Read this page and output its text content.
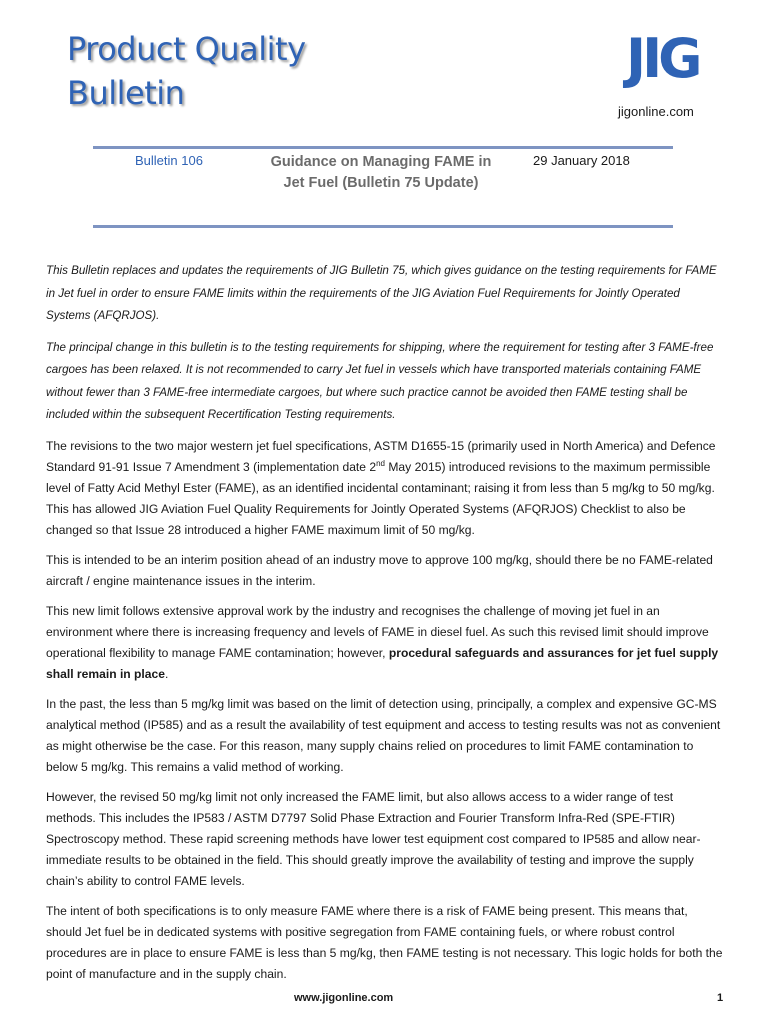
Product Quality
Bulletin
JIG
jigonline.com
Bulletin 106	Guidance on Managing FAME in Jet Fuel (Bulletin 75 Update)
29 January 2018

This Bulletin replaces and updates the requirements of JIG Bulletin 75, which gives guidance on the testing requirements for FAME in Jet fuel in order to ensure FAME limits within the requirements of the JIG Aviation Fuel Requirements for Jointly Operated Systems (AFQRJOS).

The principal change in this bulletin is to the testing requirements for shipping, where the requirement for testing after 3 FAME-free cargoes has been relaxed. It is not recommended to carry Jet fuel in vessels which have transported materials containing FAME without fewer than 3 FAME-free intermediate cargoes, but where such practice cannot be avoided then FAME testing shall be included within the subsequent Recertification Testing requirements.

The revisions to the two major western jet fuel specifications, ASTM D1655-15 (primarily used in North America) and Defence Standard 91-91 Issue 7 Amendment 3 (implementation date 2nd May 2015) introduced revisions to the maximum permissible level of Fatty Acid Methyl Ester (FAME), as an identified incidental contaminant; raising it from less than 5 mg/kg to 50 mg/kg. This has allowed JIG Aviation Fuel Quality Requirements for Jointly Operated Systems (AFQRJOS) Checklist to also be changed so that Issue 28 introduced a higher FAME maximum limit of 50 mg/kg.

This is intended to be an interim position ahead of an industry move to approve 100 mg/kg, should there be no FAME-related aircraft / engine maintenance issues in the interim.

This new limit follows extensive approval work by the industry and recognises the challenge of moving jet fuel in an environment where there is increasing frequency and levels of FAME in diesel fuel. As such this revised limit should improve operational flexibility to manage FAME contamination; however, procedural safeguards and assurances for jet fuel supply shall remain in place.

In the past, the less than 5 mg/kg limit was based on the limit of detection using, principally, a complex and expensive GC-MS analytical method (IP585) and as a result the availability of test equipment and access to testing results was not as convenient as might otherwise be the case. For this reason, many supply chains relied on procedures to limit FAME contamination to below 5 mg/kg. This remains a valid method of working.

However, the revised 50 mg/kg limit not only increased the FAME limit, but also allows access to a wider range of test methods. This includes the IP583 / ASTM D7797 Solid Phase Extraction and Fourier Transform Infra-Red (SPE-FTIR) Spectroscopy method. These rapid screening methods have lower test equipment cost compared to IP585 and allow near-immediate results to be obtained in the field. This should greatly improve the availability of testing and improve the supply chain’s ability to control FAME levels.

The intent of both specifications is to only measure FAME where there is a risk of FAME being present. This means that, should Jet fuel be in dedicated systems with positive segregation from FAME containing fuels, or where robust control procedures are in place to ensure FAME is less than 5 mg/kg, then FAME testing is not necessary. This logic holds for both the point of manufacture and in the supply chain.

www.jigonline.com	1
